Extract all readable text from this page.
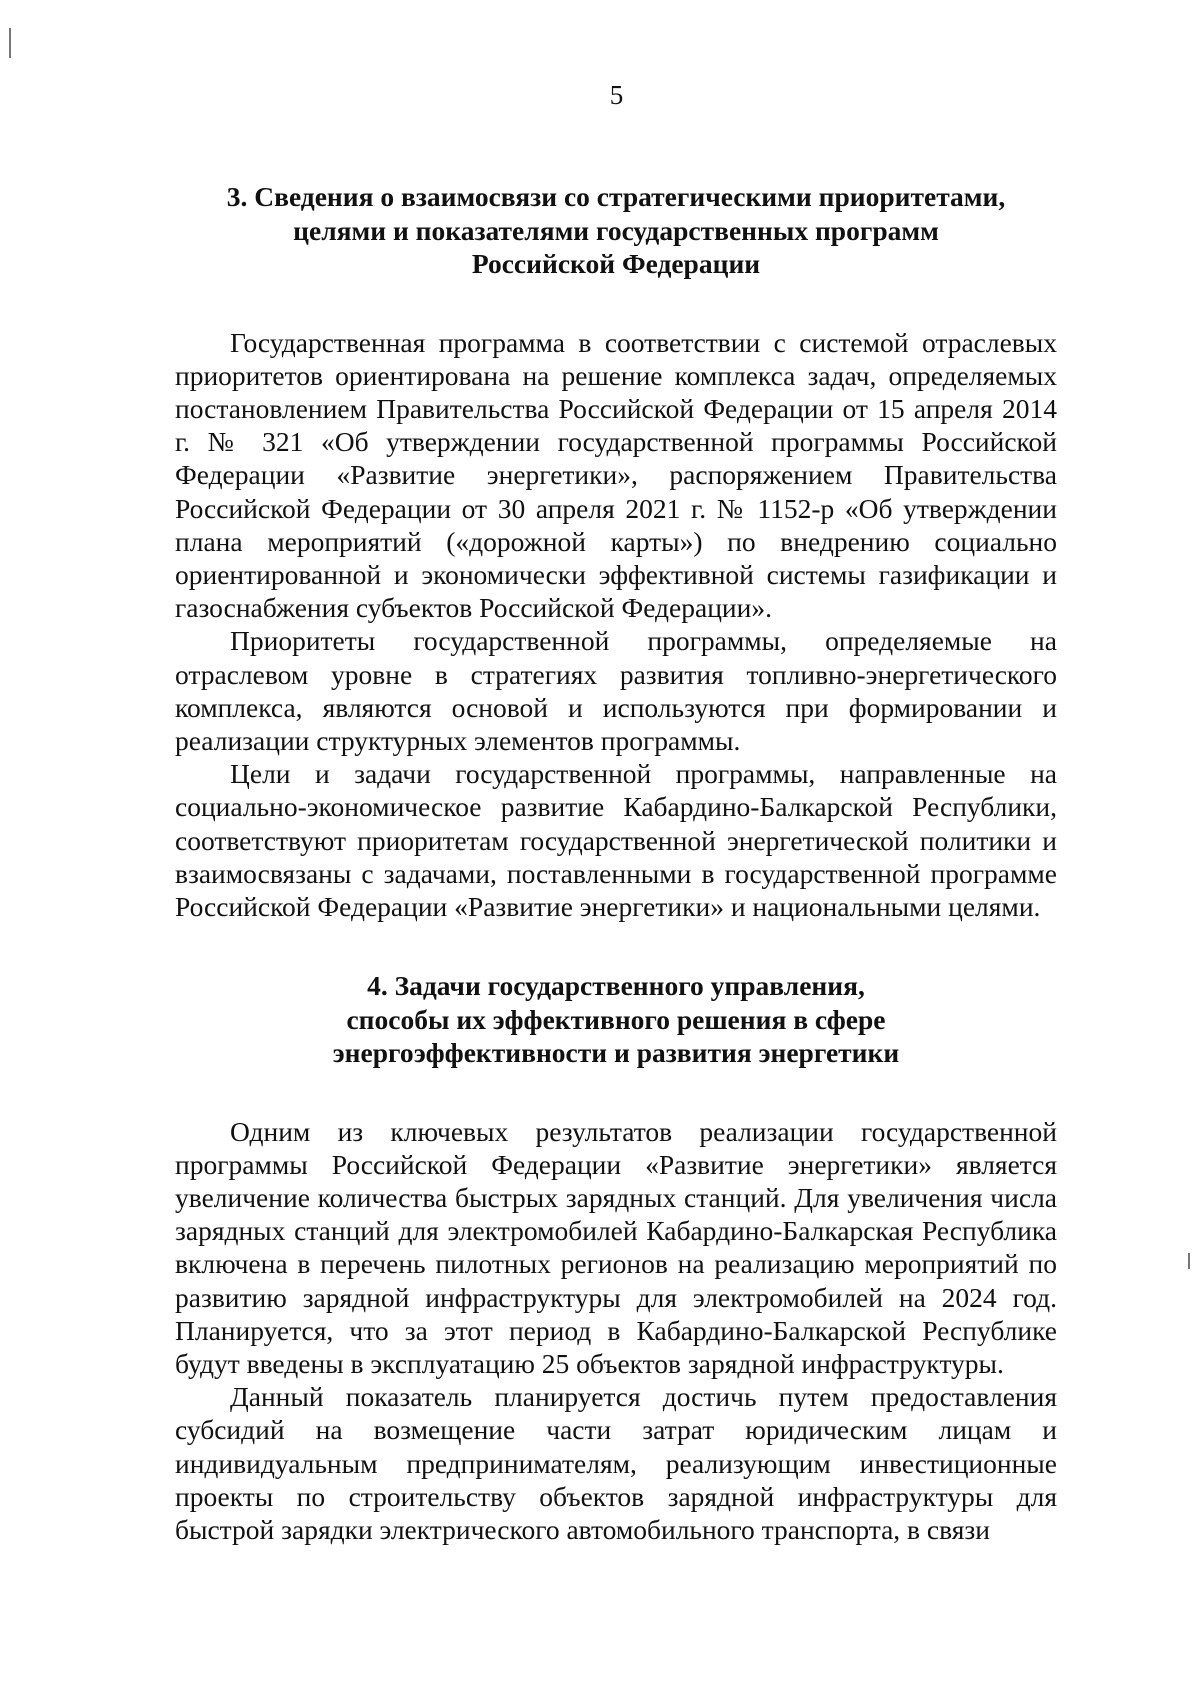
5
3. Сведения о взаимосвязи со стратегическими приоритетами,
целями и показателями государственных программ
Российской Федерации

Государственная программа в соответствии с системой отраслевых приоритетов ориентирована на решение комплекса задач, определяемых постановлением Правительства Российской Федерации от 15 апреля 2014 г. № 321 «Об утверждении государственной программы Российской Федерации «Развитие энергетики», распоряжением Правительства Российской Федерации от 30 апреля 2021 г. № 1152-р «Об утверждении плана мероприятий («дорожной карты») по внедрению социально ориентированной и экономически эффективной системы газификации и газоснабжения субъектов Российской Федерации».

Приоритеты государственной программы, определяемые на отраслевом уровне в стратегиях развития топливно-энергетического комплекса, являются основой и используются при формировании и реализации структурных элементов программы.

Цели и задачи государственной программы, направленные на социально-экономическое развитие Кабардино-Балкарской Республики, соответствуют приоритетам государственной энергетической политики и взаимосвязаны с задачами, поставленными в государственной программе Российской Федерации «Развитие энергетики» и национальными целями.

4. Задачи государственного управления,
способы их эффективного решения в сфере
энергоэффективности и развития энергетики

Одним из ключевых результатов реализации государственной программы Российской Федерации «Развитие энергетики» является увеличение количества быстрых зарядных станций. Для увеличения числа зарядных станций для электромобилей Кабардино-Балкарская Республика включена в перечень пилотных регионов на реализацию мероприятий по развитию зарядной инфраструктуры для электромобилей на 2024 год. Планируется, что за этот период в Кабардино-Балкарской Республике будут введены в эксплуатацию 25 объектов зарядной инфраструктуры.

Данный показатель планируется достичь путем предоставления субсидий на возмещение части затрат юридическим лицам и индивидуальным предпринимателям, реализующим инвестиционные проекты по строительству объектов зарядной инфраструктуры для быстрой зарядки электрического автомобильного транспорта, в связи
